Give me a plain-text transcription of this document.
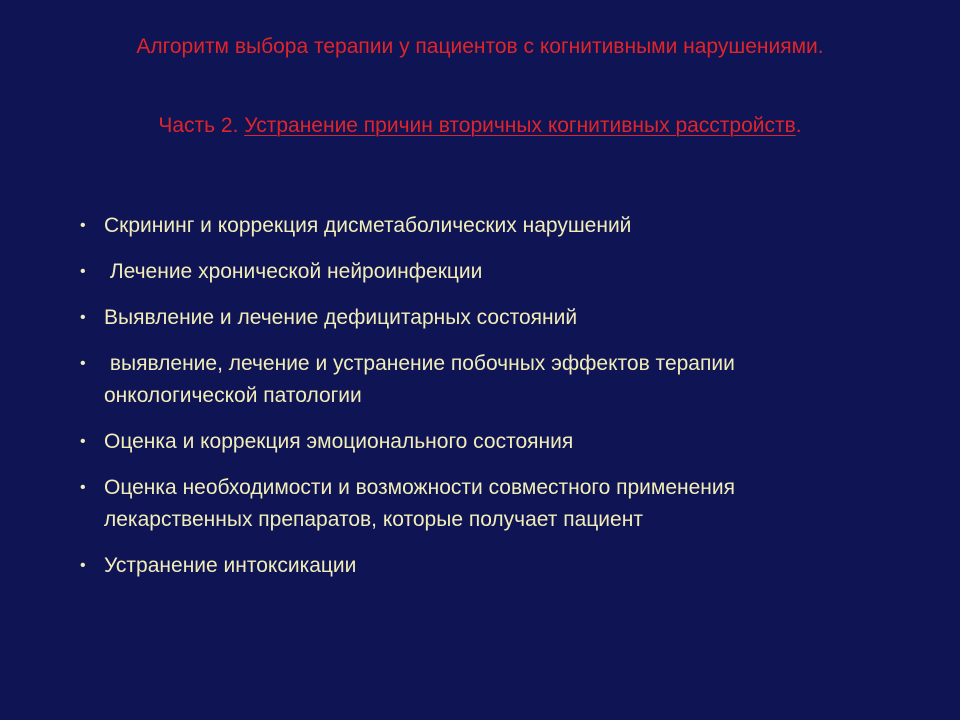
Алгоритм выбора терапии у пациентов с когнитивными нарушениями.
Часть 2. Устранение причин вторичных когнитивных расстройств.
• Скрининг и коррекция дисметаболических нарушений
• Лечение хронической нейроинфекции
• Выявление и лечение дефицитарных состояний
• выявление, лечение и устранение побочных эффектов терапии онкологической патологии
• Оценка и коррекция эмоционального состояния
• Оценка необходимости и возможности совместного применения лекарственных препаратов, которые получает пациент
• Устранение интоксикации
